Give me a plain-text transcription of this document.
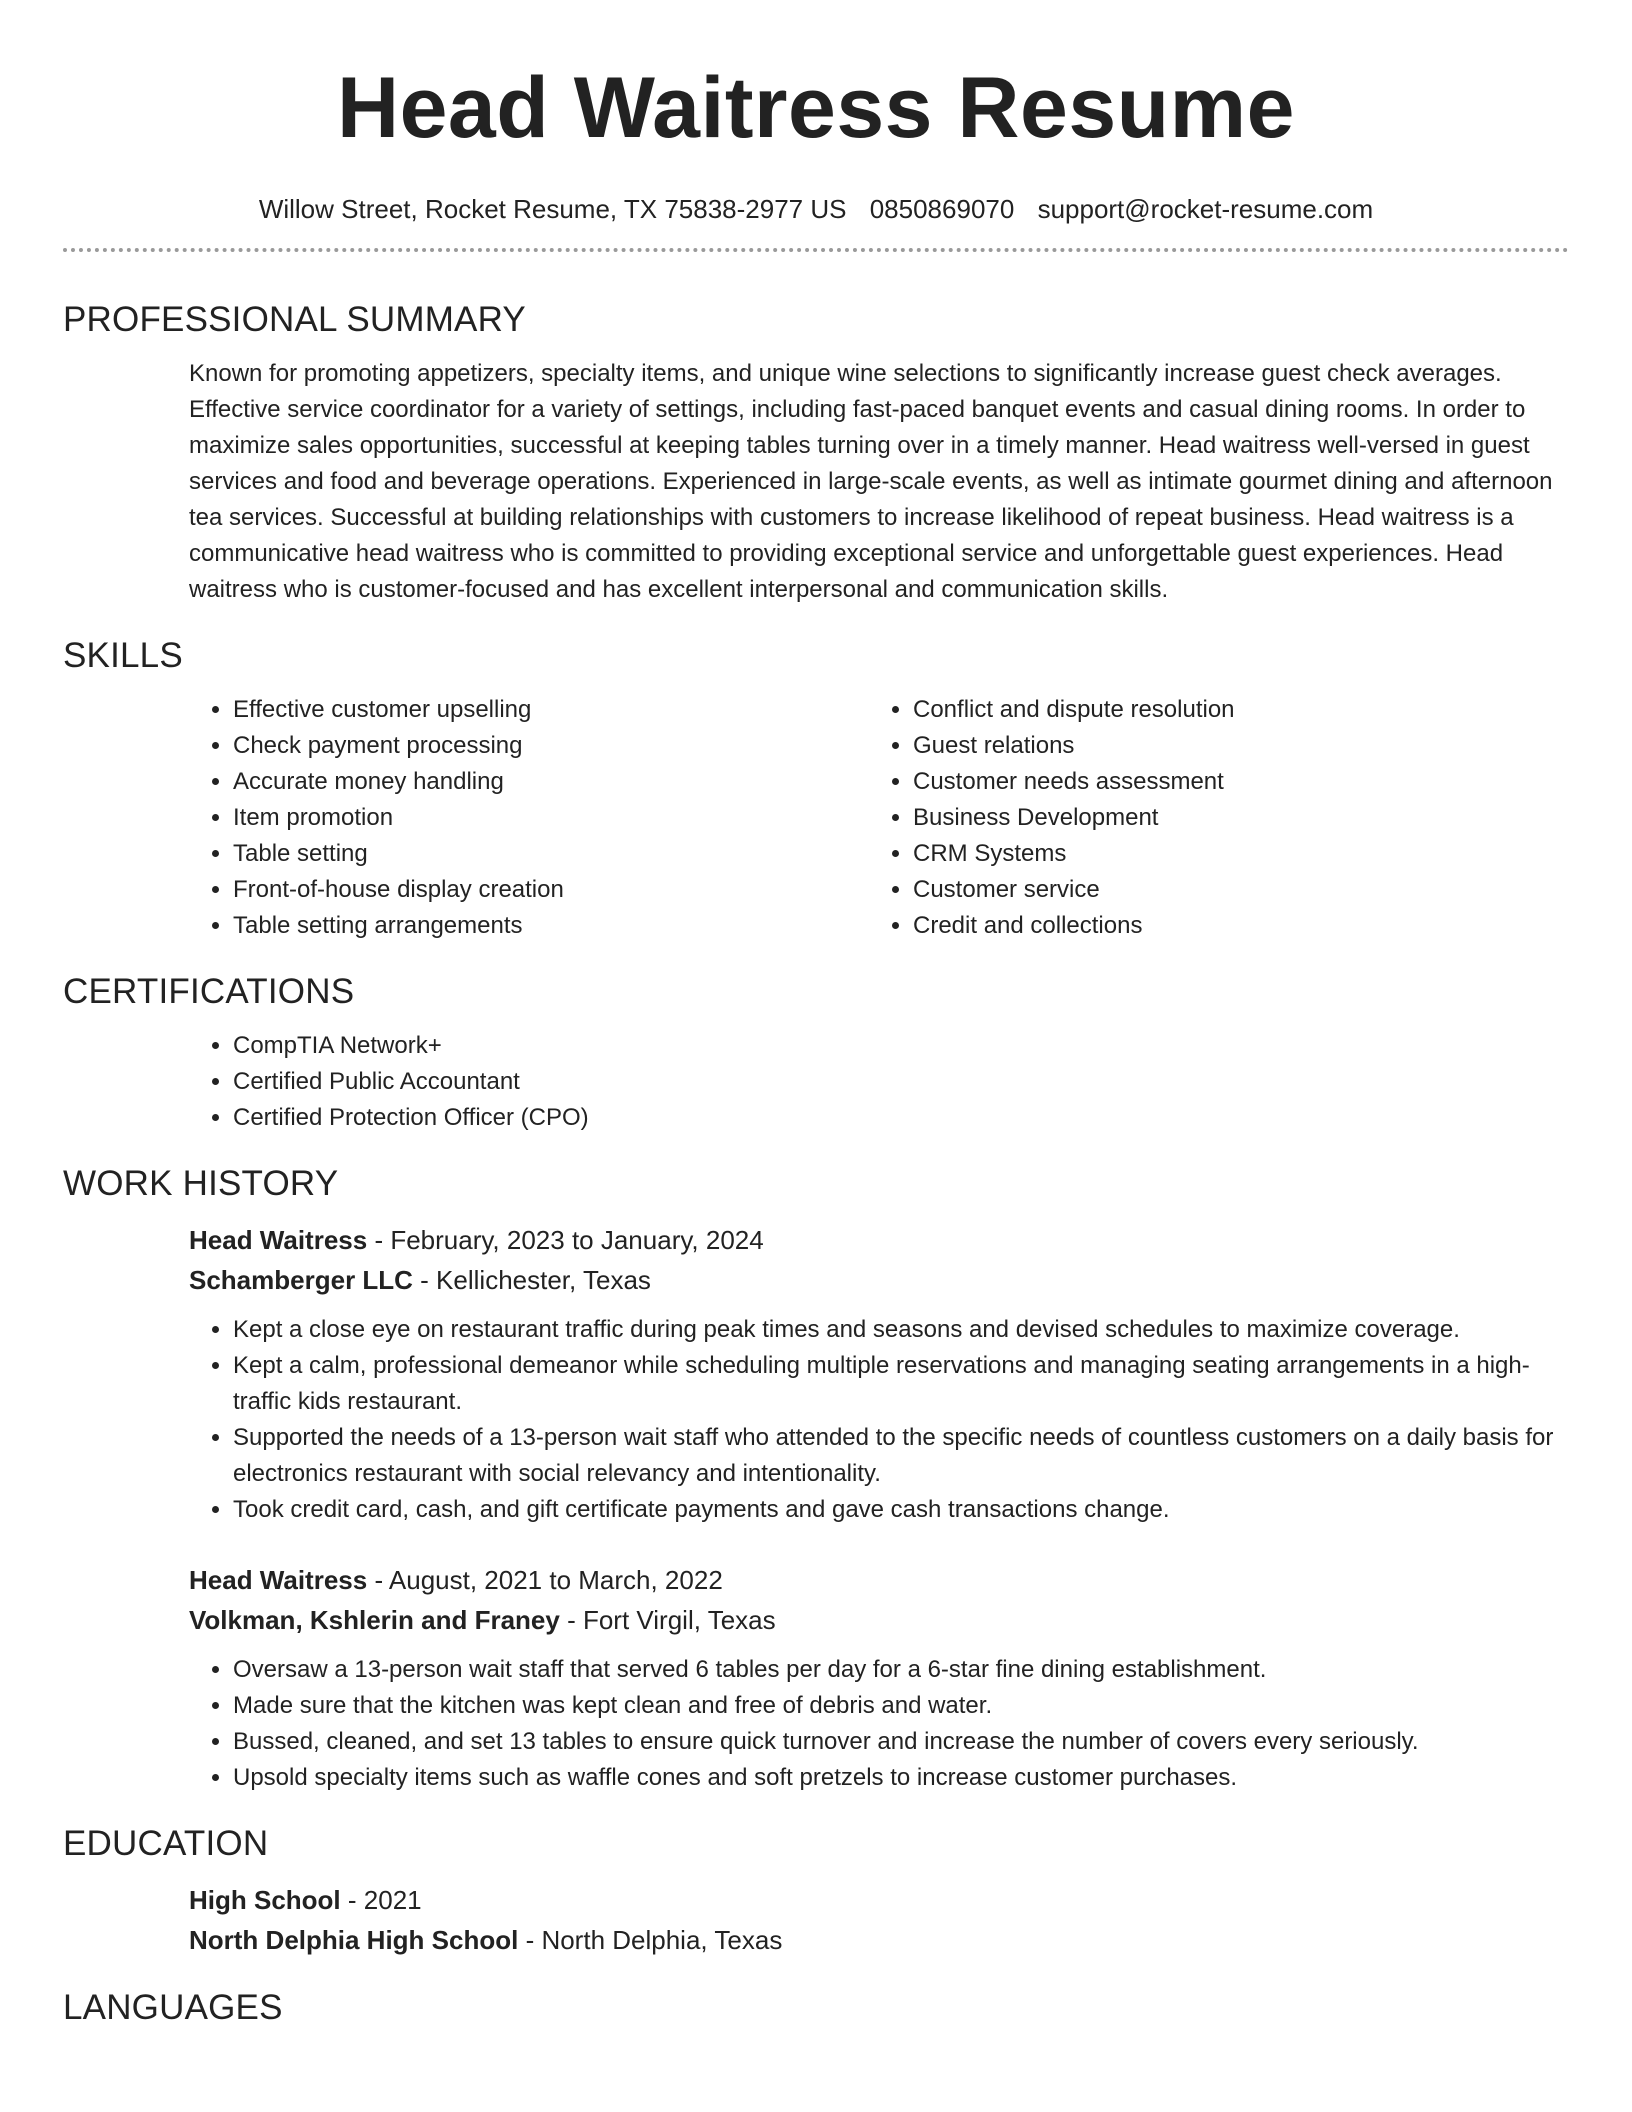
Head Waitress Resume
Willow Street, Rocket Resume, TX 75838-2977 US 0850869070 support@rocket-resume.com
PROFESSIONAL SUMMARY

Known for promoting appetizers, specialty items, and unique wine selections to significantly increase guest check averages. Effective service coordinator for a variety of settings, including fast-paced banquet events and casual dining rooms. In order to maximize sales opportunities, successful at keeping tables turning over in a timely manner. Head waitress well-versed in guest services and food and beverage operations. Experienced in large-scale events, as well as intimate gourmet dining and afternoon tea services. Successful at building relationships with customers to increase likelihood of repeat business. Head waitress is a communicative head waitress who is committed to providing exceptional service and unforgettable guest experiences. Head waitress who is customer-focused and has excellent interpersonal and communication skills.

SKILLS
• Effective customer upselling
• Check payment processing
• Accurate money handling
• Item promotion
• Table setting
• Front-of-house display creation
• Table setting arrangements
• Conflict and dispute resolution
• Guest relations
• Customer needs assessment
• Business Development
• CRM Systems
• Customer service
• Credit and collections
CERTIFICATIONS
• CompTIA Network+
• Certified Public Accountant
• Certified Protection Officer (CPO)
WORK HISTORY
Head Waitress - February, 2023 to January, 2024
Schamberger LLC - Kellichester, Texas
• Kept a close eye on restaurant traffic during peak times and seasons and devised schedules to maximize coverage.
• Kept a calm, professional demeanor while scheduling multiple reservations and managing seating arrangements in a high-traffic kids restaurant.
• Supported the needs of a 13-person wait staff who attended to the specific needs of countless customers on a daily basis for electronics restaurant with social relevancy and intentionality.
• Took credit card, cash, and gift certificate payments and gave cash transactions change.
Head Waitress - August, 2021 to March, 2022
Volkman, Kshlerin and Franey - Fort Virgil, Texas
• Oversaw a 13-person wait staff that served 6 tables per day for a 6-star fine dining establishment.
• Made sure that the kitchen was kept clean and free of debris and water.
• Bussed, cleaned, and set 13 tables to ensure quick turnover and increase the number of covers every seriously.
• Upsold specialty items such as waffle cones and soft pretzels to increase customer purchases.
EDUCATION
High School - 2021
North Delphia High School - North Delphia, Texas
LANGUAGES
